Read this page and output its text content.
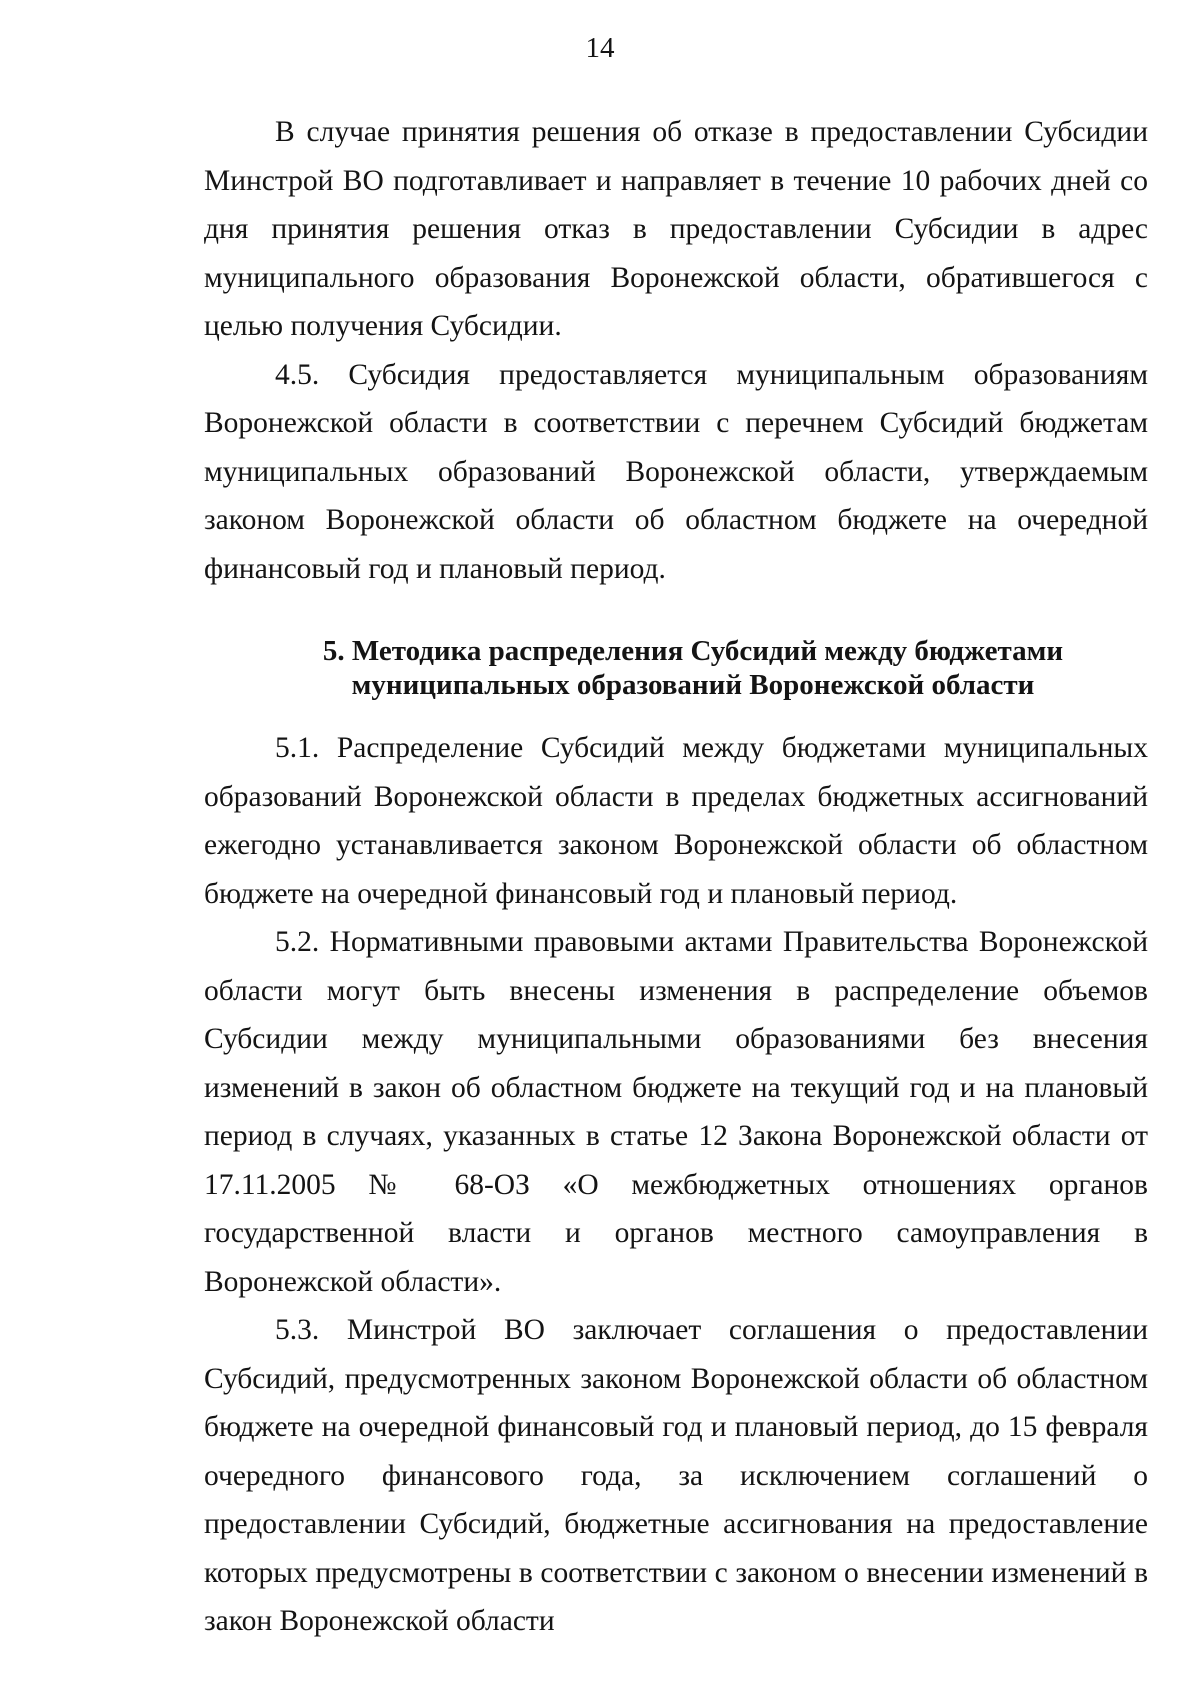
14

В случае принятия решения об отказе в предоставлении Субсидии Минстрой ВО подготавливает и направляет в течение 10 рабочих дней со дня принятия решения отказ в предоставлении Субсидии в адрес муниципального образования Воронежской области, обратившегося с целью получения Субсидии.

4.5. Субсидия предоставляется муниципальным образованиям Воронежской области в соответствии с перечнем Субсидий бюджетам муниципальных образований Воронежской области, утверждаемым законом Воронежской области об областном бюджете на очередной финансовый год и плановый период.

5. Методика распределения Субсидий между бюджетами
муниципальных образований Воронежской области

5.1. Распределение Субсидий между бюджетами муниципальных образований Воронежской области в пределах бюджетных ассигнований ежегодно устанавливается законом Воронежской области об областном бюджете на очередной финансовый год и плановый период.

5.2. Нормативными правовыми актами Правительства Воронежской области могут быть внесены изменения в распределение объемов Субсидии между муниципальными образованиями без внесения изменений в закон об областном бюджете на текущий год и на плановый период в случаях, указанных в статье 12 Закона Воронежской области от 17.11.2005 № 68-ОЗ «О межбюджетных отношениях органов государственной власти и органов местного самоуправления в Воронежской области».

5.3. Минстрой ВО заключает соглашения о предоставлении Субсидий, предусмотренных законом Воронежской области об областном бюджете на очередной финансовый год и плановый период, до 15 февраля очередного финансового года, за исключением соглашений о предоставлении Субсидий, бюджетные ассигнования на предоставление которых предусмотрены в соответствии с законом о внесении изменений в закон Воронежской области
